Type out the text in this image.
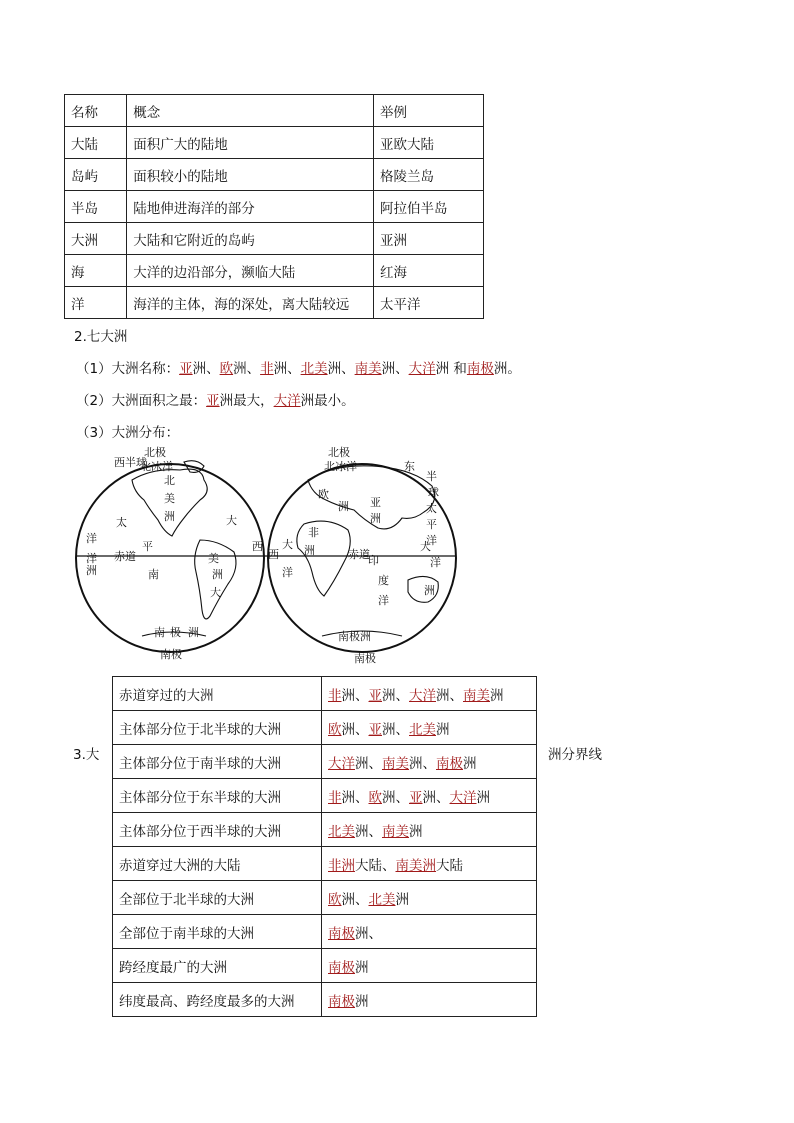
名称	概念	举例
大陆	面积广大的陆地	亚欧大陆
岛屿	面积较小的陆地	格陵兰岛
半岛	陆地伸进海洋的部分	阿拉伯半岛
大洲	大陆和它附近的岛屿	亚洲
海	大洋的边沿部分，濒临大陆	红海
洋	海洋的主体，海的深处，离大陆较远	太平洋
2.七大洲
（1）大洲名称：亚洲、欧洲、非洲、北美洲、南美洲、大洋洲 和南极洲。
（2）大洲面积之最：亚洲最大，大洋洲最小。
（3）大洲分布：
北极
西半球
北冰洋
北
美
洲
太	大
西
赤道
平
洋
南
美
洲
大
洋
洲
南 极 洲
南极
北极
北冰洋	东
半
球
欧
洲 亚
洲
太
平
洋
非
洲
大
西
洋
赤道
印
度
洋
大
洋
洲
南极洲
南极
3.大	洲分界线
赤道穿过的大洲	非洲、亚洲、大洋洲、南美洲
主体部分位于北半球的大洲	欧洲、亚洲、北美洲
主体部分位于南半球的大洲	大洋洲、南美洲、南极洲
主体部分位于东半球的大洲	非洲、欧洲、亚洲、大洋洲
主体部分位于西半球的大洲	北美洲、南美洲
赤道穿过大洲的大陆	非洲大陆、南美洲大陆
全部位于北半球的大洲	欧洲、北美洲
全部位于南半球的大洲	南极洲、
跨经度最广的大洲	南极洲
纬度最高、跨经度最多的大洲	南极洲
